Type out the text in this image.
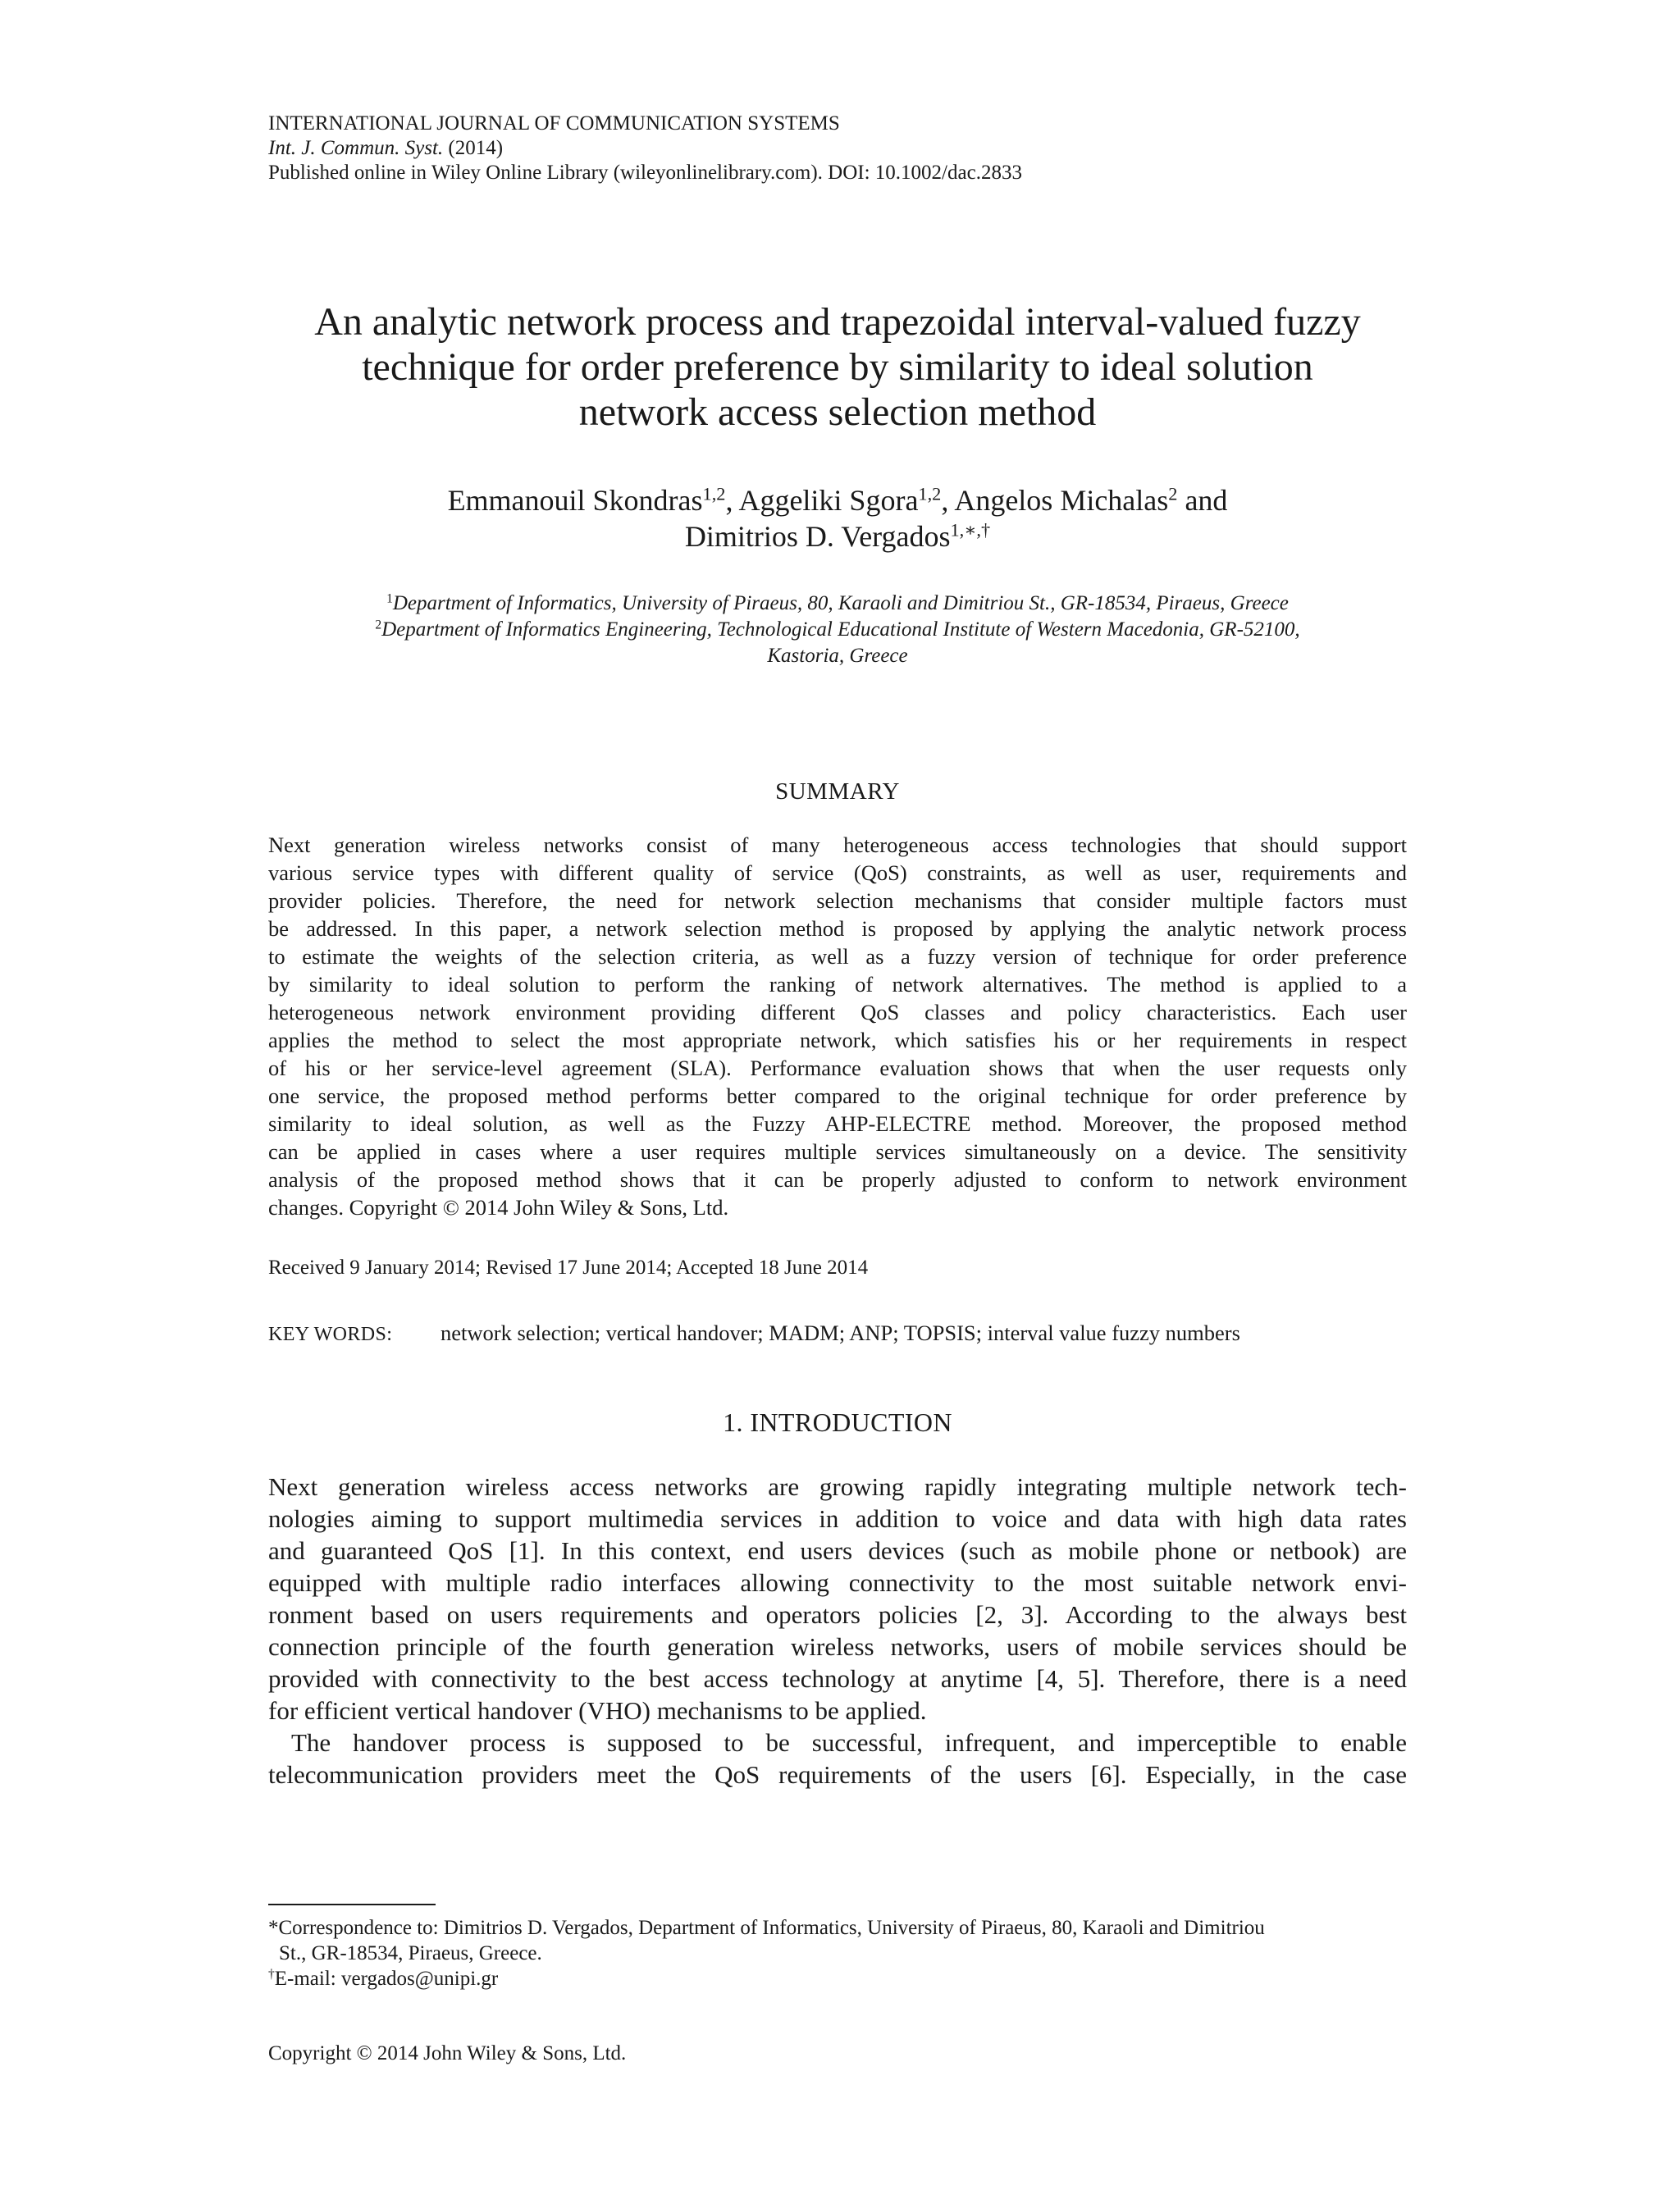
INTERNATIONAL JOURNAL OF COMMUNICATION SYSTEMS
Int. J. Commun. Syst. (2014)
Published online in Wiley Online Library (wileyonlinelibrary.com). DOI: 10.1002/dac.2833
An analytic network process and trapezoidal interval-valued fuzzy
technique for order preference by similarity to ideal solution
network access selection method
Emmanouil Skondras$^{1,2}$, Aggeliki Sgora$^{1,2}$, Angelos Michalas$^2$ and
Dimitrios D. Vergados$^{1,∗,\dagger}$
$^1$Department of Informatics, University of Piraeus, 80, Karaoli and Dimitriou St., GR-18534, Piraeus, Greece
$^2$Department of Informatics Engineering, Technological Educational Institute of Western Macedonia, GR-52100,
Kastoria, Greece
SUMMARY
Next generation wireless networks consist of many heterogeneous access technologies that should support
various service types with different quality of service (QoS) constraints, as well as user, requirements and
provider policies. Therefore, the need for network selection mechanisms that consider multiple factors must
be addressed. In this paper, a network selection method is proposed by applying the analytic network process
to estimate the weights of the selection criteria, as well as a fuzzy version of technique for order preference
by similarity to ideal solution to perform the ranking of network alternatives. The method is applied to a
heterogeneous network environment providing different QoS classes and policy characteristics. Each user
applies the method to select the most appropriate network, which satisfies his or her requirements in respect
of his or her service-level agreement (SLA). Performance evaluation shows that when the user requests only
one service, the proposed method performs better compared to the original technique for order preference by
similarity to ideal solution, as well as the Fuzzy AHP-ELECTRE method. Moreover, the proposed method
can be applied in cases where a user requires multiple services simultaneously on a device. The sensitivity
analysis of the proposed method shows that it can be properly adjusted to conform to network environment
changes. Copyright © 2014 John Wiley & Sons, Ltd.
Received 9 January 2014; Revised 17 June 2014; Accepted 18 June 2014
KEY WORDS: network selection; vertical handover; MADM; ANP; TOPSIS; interval value fuzzy numbers
1. INTRODUCTION
Next generation wireless access networks are growing rapidly integrating multiple network tech-
nologies aiming to support multimedia services in addition to voice and data with high data rates
and guaranteed QoS [1]. In this context, end users devices (such as mobile phone or netbook) are
equipped with multiple radio interfaces allowing connectivity to the most suitable network envi-
ronment based on users requirements and operators policies [2, 3]. According to the always best
connection principle of the fourth generation wireless networks, users of mobile services should be
provided with connectivity to the best access technology at anytime [4, 5]. Therefore, there is a need
for efficient vertical handover (VHO) mechanisms to be applied.
The handover process is supposed to be successful, infrequent, and imperceptible to enable
telecommunication providers meet the QoS requirements of the users [6]. Especially, in the case
*Correspondence to: Dimitrios D. Vergados, Department of Informatics, University of Piraeus, 80, Karaoli and Dimitriou
St., GR-18534, Piraeus, Greece.
†E-mail: vergados@unipi.gr
Copyright © 2014 John Wiley & Sons, Ltd.
